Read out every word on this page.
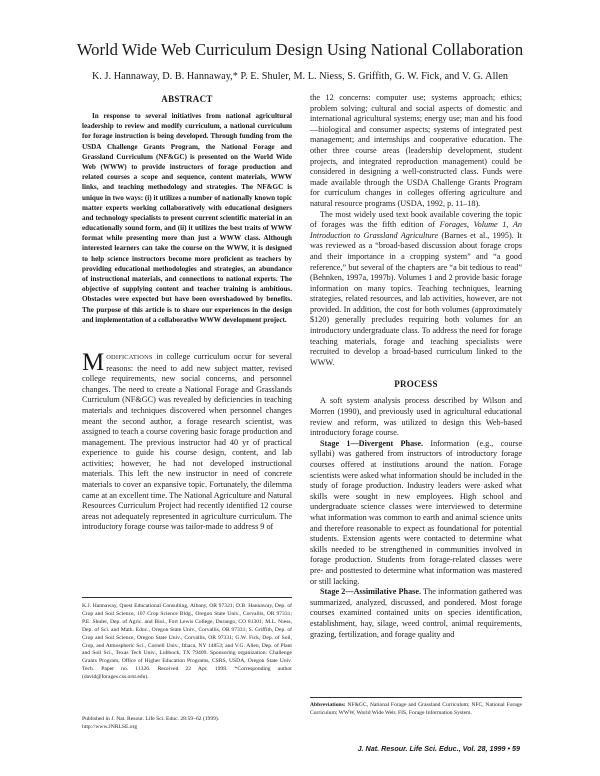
World Wide Web Curriculum Design Using National Collaboration
K. J. Hannaway, D. B. Hannaway,* P. E. Shuler, M. L. Niess, S. Griffith, G. W. Fick, and V. G. Allen
ABSTRACT

In response to several initiatives from national agricultural leadership to review and modify curriculum, a national curriculum for forage instruction is being developed. Through funding from the USDA Challenge Grants Program, the National Forage and Grassland Curriculum (NF&GC) is presented on the World Wide Web (WWW) to provide instructors of forage production and related courses a scope and sequence, content materials, WWW links, and teaching methodology and strategies. The NF&GC is unique in two ways: (i) it utilizes a number of nationally known topic matter experts working collaboratively with educational designers and technology specialists to present current scientific material in an educationally sound form, and (ii) it utilizes the best traits of WWW format while presenting more than just a WWW class. Although interested learners can take the course on the WWW, it is designed to help science instructors become more proficient as teachers by providing educational methodologies and strategies, an abundance of instructional materials, and connections to national experts. The objective of supplying content and teacher training is ambitious. Obstacles were expected but have been overshadowed by benefits. The purpose of this article is to share our experiences in the design and implementation of a collaborative WWW development project.

MODIFICATIONS in college curriculum occur for several reasons: the need to add new subject matter, revised college requirements, new social concerns, and personnel changes. The need to create a National Forage and Grasslands Curriculum (NF&GC) was revealed by deficiencies in teaching materials and techniques discovered when personnel changes meant the second author, a forage research scientist, was assigned to teach a course covering basic forage production and management. The previous instructor had 40 yr of practical experience to guide his course design, content, and lab activities; however, he had not developed instructional materials. This left the new instructor in need of concrete materials to cover an expansive topic. Fortunately, the dilemma came at an excellent time. The National Agriculture and Natural Resources Curriculum Project had recently identified 12 course areas not adequately represented in agriculture curriculum. The introductory forage course was tailor-made to address 9 of

K.J. Hannaway, Quest Educational Consulting, Albany, OR 97321; D.B. Hannaway, Dep. of Crop and Soil Science, 107 Crop Science Bldg., Oregon State Univ., Corvallis, OR 97331; P.E. Shuler, Dep. of Agric. and Biol., Fort Lewis College, Durango, CO 81301; M.L. Niess, Dep. of Sci. and Math. Educ., Oregon State Univ., Corvallis, OR 97331; S. Griffith, Dep. of Crop and Soil Science, Oregon State Univ., Corvallis, OR 97331; G.W. Fick, Dep. of Soil, Crop, and Atmospheric Sci., Cornell Univ., Ithaca, NY 14853; and V.G. Allen, Dep. of Plant and Soil Sci., Texas Tech Univ., Lubbock, TX 79409. Sponsoring organization: Challenge Grants Program, Office of Higher Education Programs, CSRS, USDA, Oregon State Univ. Tech. Paper no. 11326. Received 22 Apr. 1998. *Corresponding author (david@forages.css.orst.edu).

Published in J. Nat. Resour. Life Sci. Educ. 28:59–62 (1999).
http://www.JNRLSE.org

the 12 concerns: computer use; systems approach; ethics; problem solving; cultural and social aspects of domestic and international agricultural systems; energy use; man and his food—biological and consumer aspects; systems of integrated pest management; and internships and cooperative education. The other three course areas (leadership development, student projects, and integrated reproduction management) could be considered in designing a well-constructed class. Funds were made available through the USDA Challenge Grants Program for curriculum changes in colleges offering agriculture and natural resource programs (USDA, 1992, p. 11–18).

The most widely used text book available covering the topic of forages was the fifth edition of Forages, Volume 1, An Introduction to Grassland Agriculture (Barnes et al., 1995). It was reviewed as a “broad-based discussion about forage crops and their importance in a cropping system” and “a good reference,” but several of the chapters are “a bit tedious to read” (Behnken, 1997a, 1997b). Volumes 1 and 2 provide basic forage information on many topics. Teaching techniques, learning strategies, related resources, and lab activities, however, are not provided. In addition, the cost for both volumes (approximately $120) generally precludes requiring both volumes for an introductory undergraduate class. To address the need for forage teaching materials, forage and teaching specialists were recruited to develop a broad-based curriculum linked to the WWW.

PROCESS

A soft system analysis process described by Wilson and Morren (1990), and previously used in agricultural educational review and reform, was utilized to design this Web-based introductory forage course.

Stage 1—Divergent Phase. Information (e.g., course syllabi) was gathered from instructors of introductory forage courses offered at institutions around the nation. Forage scientists were asked what information should be included in the study of forage production. Industry leaders were asked what skills were sought in new employees. High school and undergraduate science classes were interviewed to determine what information was common to earth and animal science units and therefore reasonable to expect as foundational for potential students. Extension agents were contacted to determine what skills needed to be strengthened in communities involved in forage production. Students from forage-related classes were pre- and posttested to determine what information was mastered or still lacking.

Stage 2—Assimilative Phase. The information gathered was summarized, analyzed, discussed, and pondered. Most forage courses examined contained units on species identification, establishment, hay, silage, weed control, animal requirements, grazing, fertilization, and forage quality and

Abbreviations: NF&GC, National Forage and Grassland Curriculum; NFC, National Forage Curriculum; WWW, World Wide Web; FIS, Forage Information System.

J. Nat. Resour. Life Sci. Educ., Vol. 28, 1999 • 59
